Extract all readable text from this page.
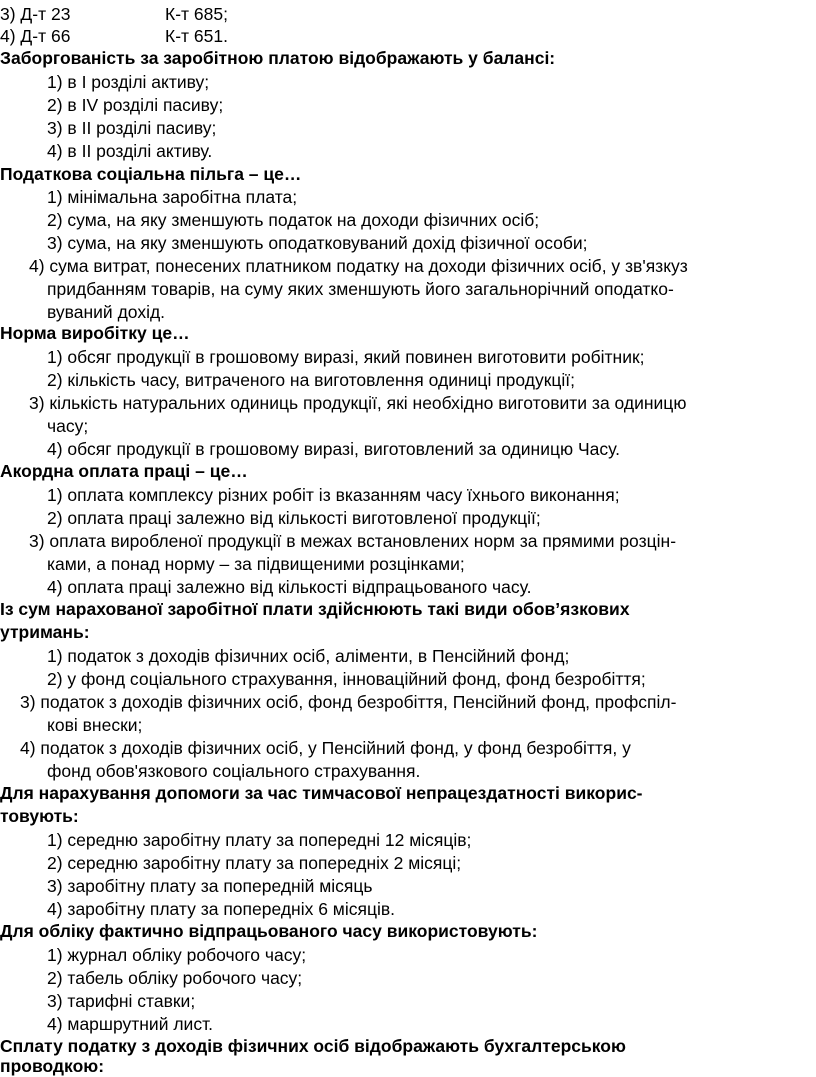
3) Д-т 23	К-т 685;
4) Д-т 66	К-т 651.
Заборгованість за заробітною платою відображають у балансі:
1) в І розділі активу;
2) в IV розділі пасиву;
3) в II розділі пасиву;
4) в II розділі активу.
Податкова соціальна пільга – це…
1) мінімальна заробітна плата;
2) сума, на яку зменшують податок на доходи фізичних осіб;
3) сума, на яку зменшують оподатковуваний дохід фізичної особи;
4) сума витрат, понесених платником податку на доходи фізичних осіб, у зв'язкуз
придбанням товарів, на суму яких зменшують його загальнорічний оподатко-
вуваний дохід.
Норма виробітку це…
1) обсяг продукції в грошовому виразі, який повинен виготовити робітник;
2) кількість часу, витраченого на виготовлення одиниці продукції;
3) кількість натуральних одиниць продукції, які необхідно виготовити за одиницю
часу;
4) обсяг продукції в грошовому виразі, виготовлений за одиницю Часу.
Акордна оплата праці – це…
1) оплата комплексу різних робіт із вказанням часу їхнього виконання;
2) оплата праці залежно від кількості виготовленої продукції;
3) оплата виробленої продукції в межах встановлених норм за прямими розцін-
ками, а понад норму – за підвищеними розцінками;
4) оплата праці залежно від кількості відпрацьованого часу.
Із сум нарахованої заробітної плати здійснюють такі види обов’язкових
утримань:
1) податок з доходів фізичних осіб, аліменти, в Пенсійний фонд;
2) у фонд соціального страхування, інноваційний фонд, фонд безробіття;
3) податок з доходів фізичних осіб, фонд безробіття, Пенсійний фонд, профспіл-
кові внески;
4) податок з доходів фізичних осіб, у Пенсійний фонд, у фонд безробіття, у
фонд обов'язкового соціального страхування.
Для нарахування допомоги за час тимчасової непрацездатності викорис-
товують:
1) середню заробітну плату за попередні 12 місяців;
2) середню заробітну плату за попередніх 2 місяці;
3) заробітну плату за попередній місяць
4) заробітну плату за попередніх 6 місяців.
Для обліку фактично відпрацьованого часу використовують:
1) журнал обліку робочого часу;
2) табель обліку робочого часу;
3) тарифні ставки;
4) маршрутний лист.
Сплату податку з доходів фізичних осіб відображають бухгалтерською
проводкою:
